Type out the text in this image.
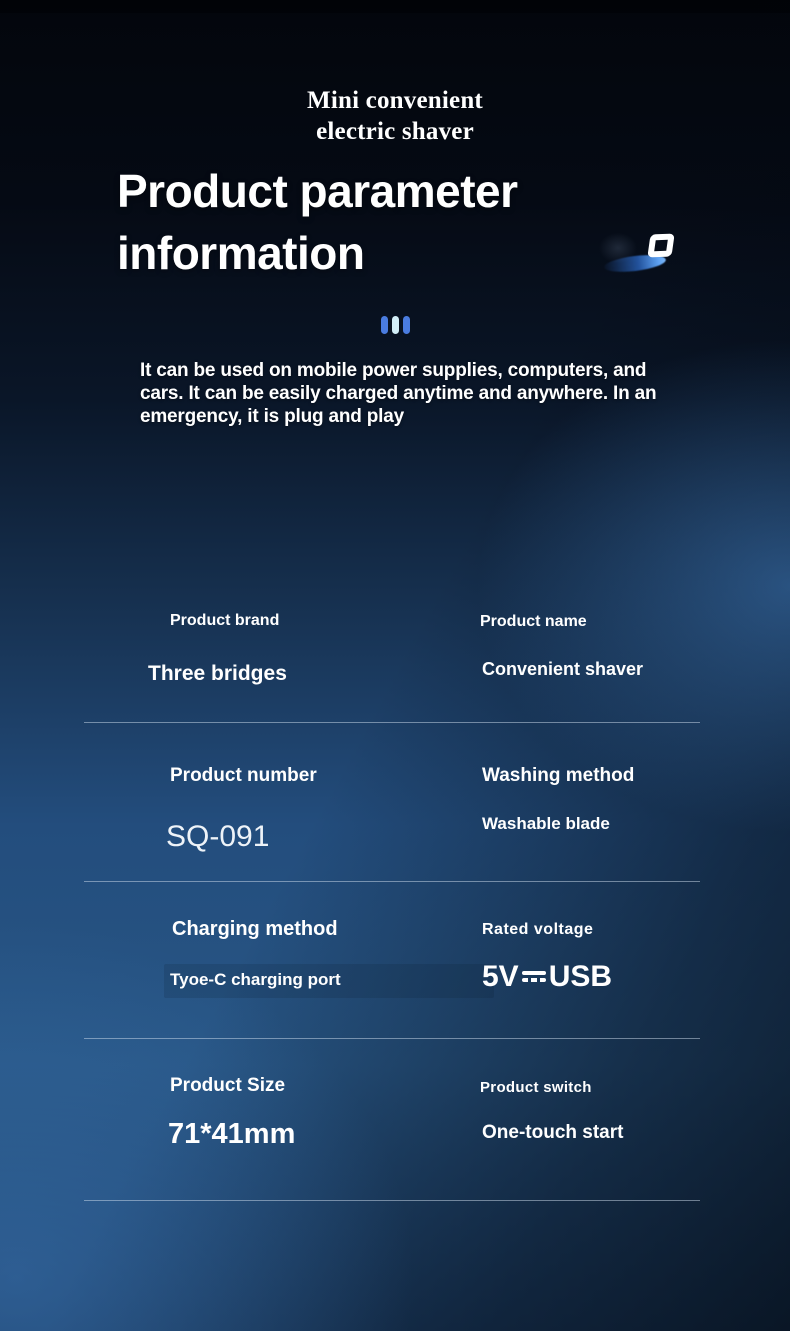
Mini convenient
electric shaver
Product parameter
information

It can be used on mobile power supplies, computers, and cars. It can be easily charged anytime and anywhere. In an emergency, it is plug and play

Product brand
Three bridges
Product name
Convenient shaver
Product number
SQ-091
Washing method
Washable blade
Charging method
Tyoe-C charging port
Rated voltage
5V USB
Product Size
71*41mm
Product switch
One-touch start
